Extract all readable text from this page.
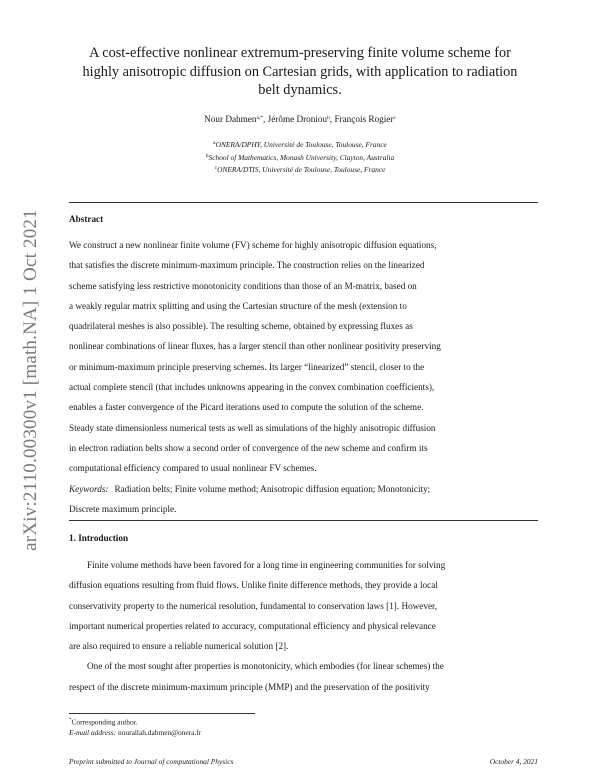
arXiv:2110.00300v1 [math.NA] 1 Oct 2021
A cost-effective nonlinear extremum-preserving finite volume scheme for
highly anisotropic diffusion on Cartesian grids, with application to radiation
belt dynamics.
Nour Dahmen$^{a,*}$, Jérôme Droniou$^b$, François Rogier$^c$
$^a$ONERA/DPHY, Université de Toulouse, Toulouse, France
$^b$School of Mathematics, Monash University, Clayton, Australia
$^c$ONERA/DTIS, Université de Toulouse, Toulouse, France
Abstract
We construct a new nonlinear finite volume (FV) scheme for highly anisotropic diffusion equations,
that satisfies the discrete minimum-maximum principle. The construction relies on the linearized
scheme satisfying less restrictive monotonicity conditions than those of an M-matrix, based on
a weakly regular matrix splitting and using the Cartesian structure of the mesh (extension to
quadrilateral meshes is also possible). The resulting scheme, obtained by expressing fluxes as
nonlinear combinations of linear fluxes, has a larger stencil than other nonlinear positivity preserving
or minimum-maximum principle preserving schemes. Its larger “linearized” stencil, closer to the
actual complete stencil (that includes unknowns appearing in the convex combination coefficients),
enables a faster convergence of the Picard iterations used to compute the solution of the scheme.
Steady state dimensionless numerical tests as well as simulations of the highly anisotropic diffusion
in electron radiation belts show a second order of convergence of the new scheme and confirm its
computational efficiency compared to usual nonlinear FV schemes.
Keywords: Radiation belts; Finite volume method; Anisotropic diffusion equation; Monotonicity;
Discrete maximum principle.
1. Introduction
Finite volume methods have been favored for a long time in engineering communities for solving
diffusion equations resulting from fluid flows. Unlike finite difference methods, they provide a local
conservativity property to the numerical resolution, fundamental to conservation laws [1]. However,
important numerical properties related to accuracy, computational efficiency and physical relevance
are also required to ensure a reliable numerical solution [2].
One of the most sought after properties is monotonicity, which embodies (for linear schemes) the
respect of the discrete minimum-maximum principle (MMP) and the preservation of the positivity
*Corresponding author.
E-mail address: nourallah.dahmen@onera.fr
Preprint submitted to Journal of computational Physics	October 4, 2021
